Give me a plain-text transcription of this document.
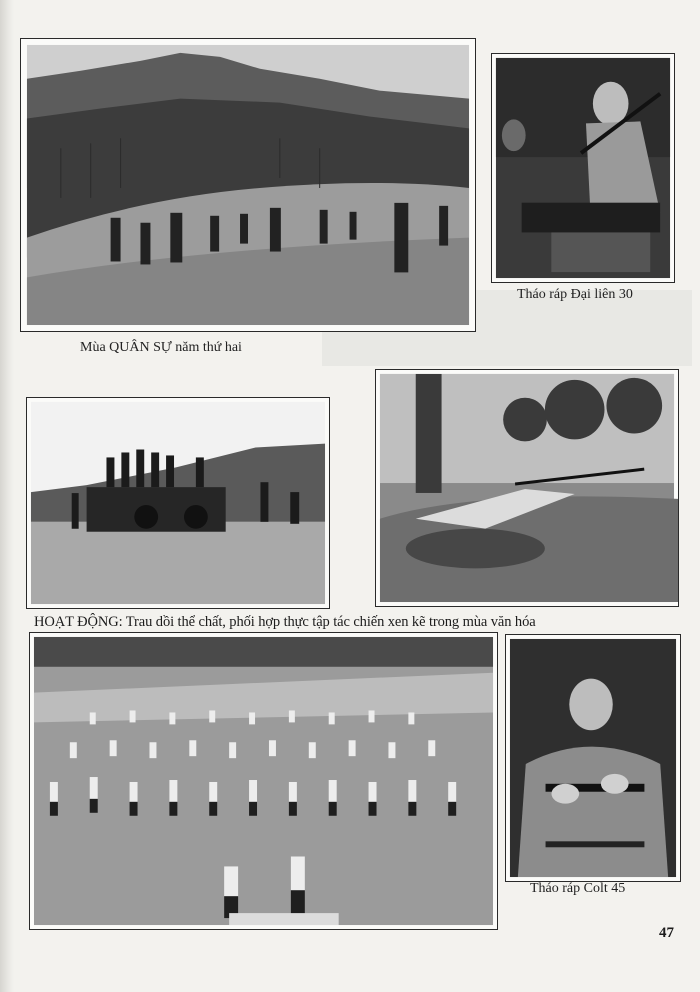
Mùa QUÂN SỰ năm thứ hai
Tháo ráp Đại liên 30
HOẠT ĐỘNG: Trau dồi thể chất, phối hợp thực tập tác chiến xen kẽ trong mùa văn hóa
Tháo ráp Colt 45
47
